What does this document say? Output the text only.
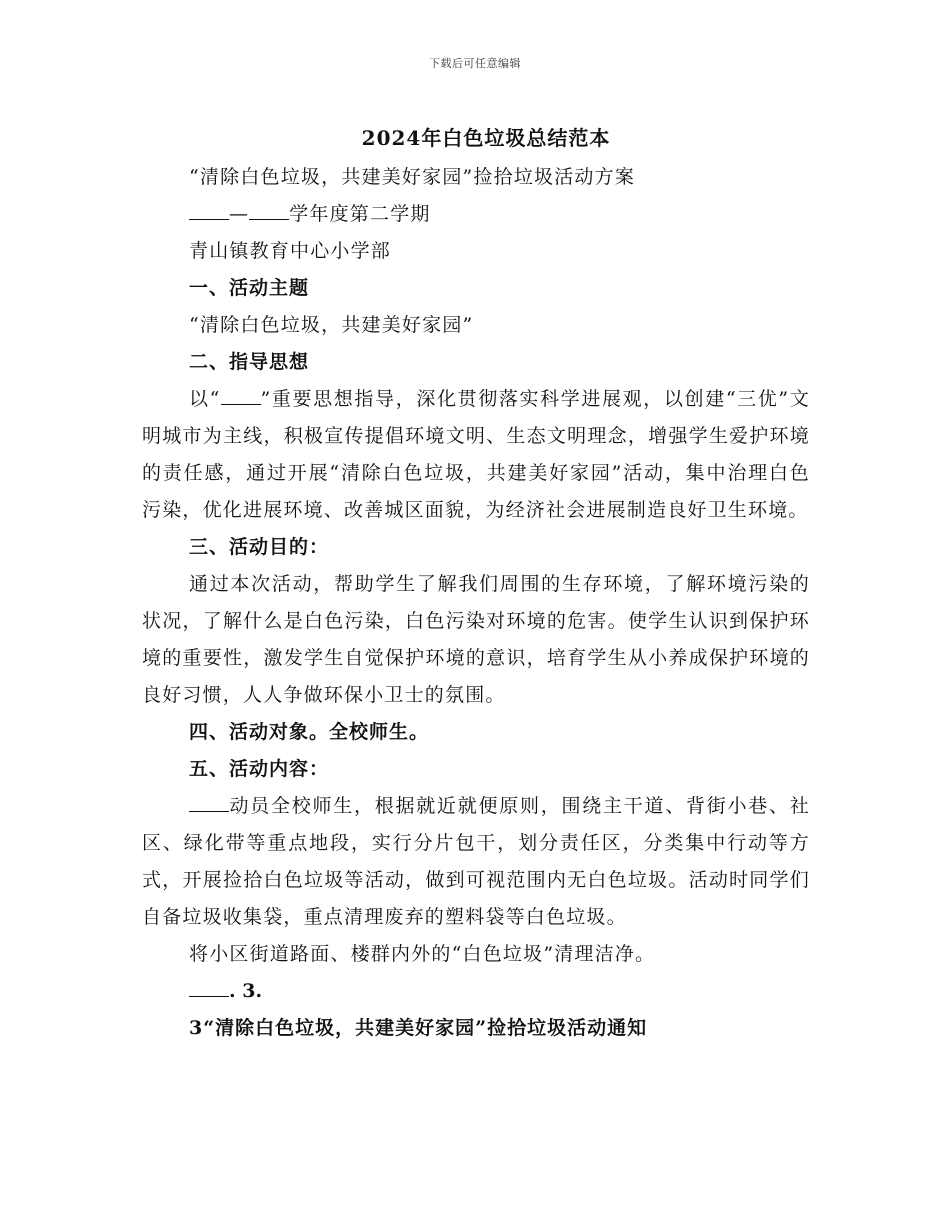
下载后可任意编辑
2024年白色垃圾总结范本

“清除白色垃圾，共建美好家园”捡拾垃圾活动方案

— 学年度第二学期

青山镇教育中心小学部

一、活动主题

“清除白色垃圾，共建美好家园”

二、指导思想

以“ ”重要思想指导，深化贯彻落实科学进展观，以创建“三优”文明城市为主线，积极宣传提倡环境文明、生态文明理念，增强学生爱护环境的责任感，通过开展“清除白色垃圾，共建美好家园”活动，集中治理白色污染，优化进展环境、改善城区面貌，为经济社会进展制造良好卫生环境。

三、活动目的：

通过本次活动，帮助学生了解我们周围的生存环境，了解环境污染的状况，了解什么是白色污染，白色污染对环境的危害。使学生认识到保护环境的重要性，激发学生自觉保护环境的意识，培育学生从小养成保护环境的良好习惯，人人争做环保小卫士的氛围。

四、活动对象。全校师生。

五、活动内容：

动员全校师生，根据就近就便原则，围绕主干道、背街小巷、社区、绿化带等重点地段，实行分片包干，划分责任区，分类集中行动等方式，开展捡拾白色垃圾等活动，做到可视范围内无白色垃圾。活动时同学们自备垃圾收集袋，重点清理废弃的塑料袋等白色垃圾。

将小区街道路面、楼群内外的“白色垃圾”清理洁净。

. 3.

3“清除白色垃圾，共建美好家园”捡拾垃圾活动通知
